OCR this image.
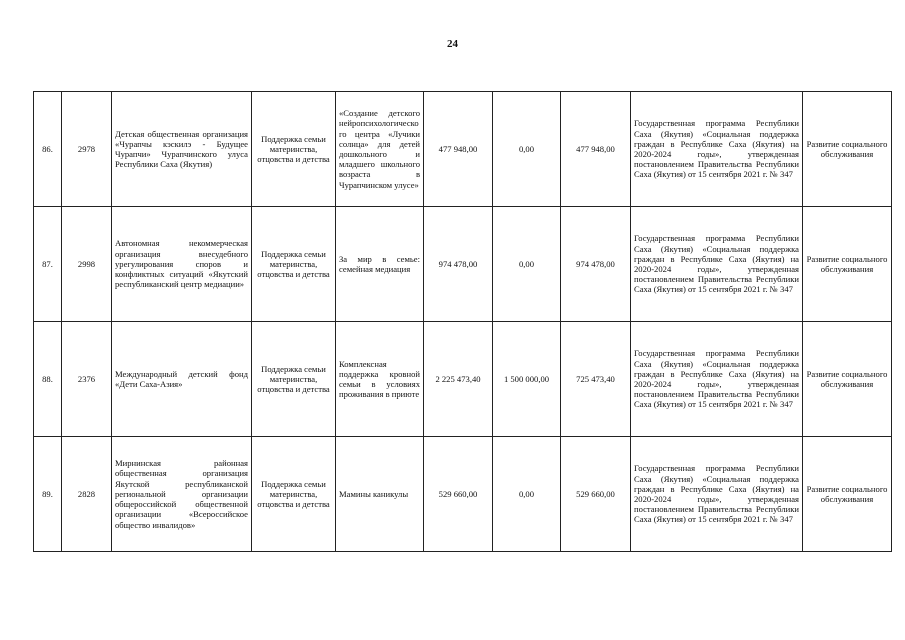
24
86.	2978	Детская общественная организация «Чурапчы кэскилэ - Будущее Чурапчи» Чурапчинского улуса Республики Саха (Якутия)	Поддержка семьи материнства, отцовства и детства	«Создание детского нейропсихологического центра «Лучики солнца» для детей дошкольного и младшего школьного возраста в Чурапчинском улусе»	477 948,00	0,00	477 948,00	Государственная программа Республики Саха (Якутия) «Социальная поддержка граждан в Республике Саха (Якутия) на 2020-2024 годы», утвержденная постановлением Правительства Республики Саха (Якутия) от 15 сентября 2021 г. № 347	Развитие социального обслуживания
87.	2998	Автономная некоммерческая организация внесудебного урегулирования споров и конфликтных ситуаций «Якутский республиканский центр медиации»	Поддержка семьи материнства, отцовства и детства	За мир в семье: семейная медиация	974 478,00	0,00	974 478,00	Государственная программа Республики Саха (Якутия) «Социальная поддержка граждан в Республике Саха (Якутия) на 2020-2024 годы», утвержденная постановлением Правительства Республики Саха (Якутия) от 15 сентября 2021 г. № 347	Развитие социального обслуживания
88.	2376	Международный детский фонд «Дети Саха-Азия»	Поддержка семьи материнства, отцовства и детства	Комплексная поддержка кровной семьи в условиях проживания в приюте	2 225 473,40	1 500 000,00	725 473,40	Государственная программа Республики Саха (Якутия) «Социальная поддержка граждан в Республике Саха (Якутия) на 2020-2024 годы», утвержденная постановлением Правительства Республики Саха (Якутия) от 15 сентября 2021 г. № 347	Развитие социального обслуживания
89.	2828	Мирнинская районная общественная организация Якутской республиканской региональной организации общероссийской общественной организации «Всероссийское общество инвалидов»	Поддержка семьи материнства, отцовства и детства	Мамины каникулы	529 660,00	0,00	529 660,00	Государственная программа Республики Саха (Якутия) «Социальная поддержка граждан в Республике Саха (Якутия) на 2020-2024 годы», утвержденная постановлением Правительства Республики Саха (Якутия) от 15 сентября 2021 г. № 347	Развитие социального обслуживания
